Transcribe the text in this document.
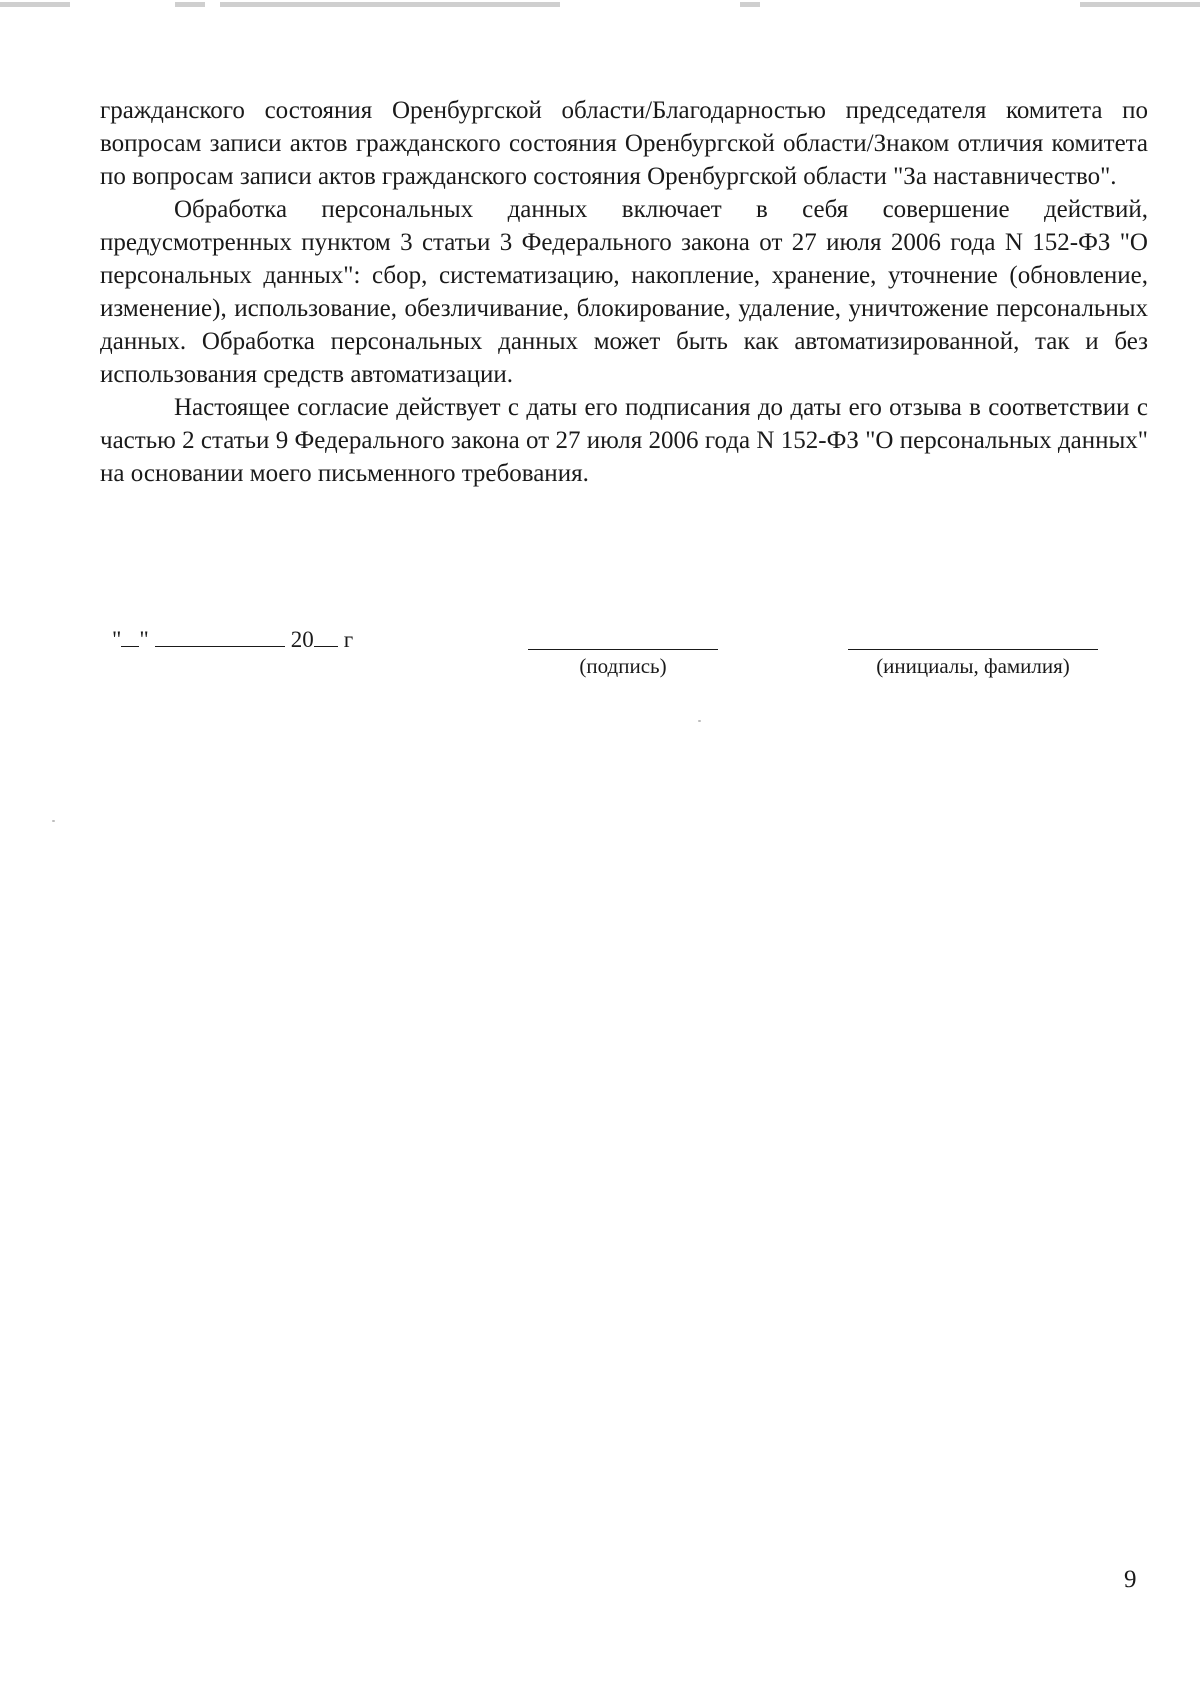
гражданского состояния Оренбургской области/Благодарностью председателя комитета по вопросам записи актов гражданского состояния Оренбургской области/Знаком отличия комитета по вопросам записи актов гражданского состояния Оренбургской области "За наставничество".

Обработка персональных данных включает в себя совершение действий, предусмотренных пунктом 3 статьи 3 Федерального закона от 27 июля 2006 года N 152-ФЗ "О персональных данных": сбор, систематизацию, накопление, хранение, уточнение (обновление, изменение), использование, обезличивание, блокирование, удаление, уничтожение персональных данных. Обработка персональных данных может быть как автоматизированной, так и без использования средств автоматизации.

Настоящее согласие действует с даты его подписания до даты его отзыва в соответствии с частью 2 статьи 9 Федерального закона от 27 июля 2006 года N 152-ФЗ "О персональных данных" на основании моего письменного требования.

" "	20 г
(подпись)	(инициалы, фамилия)
9
